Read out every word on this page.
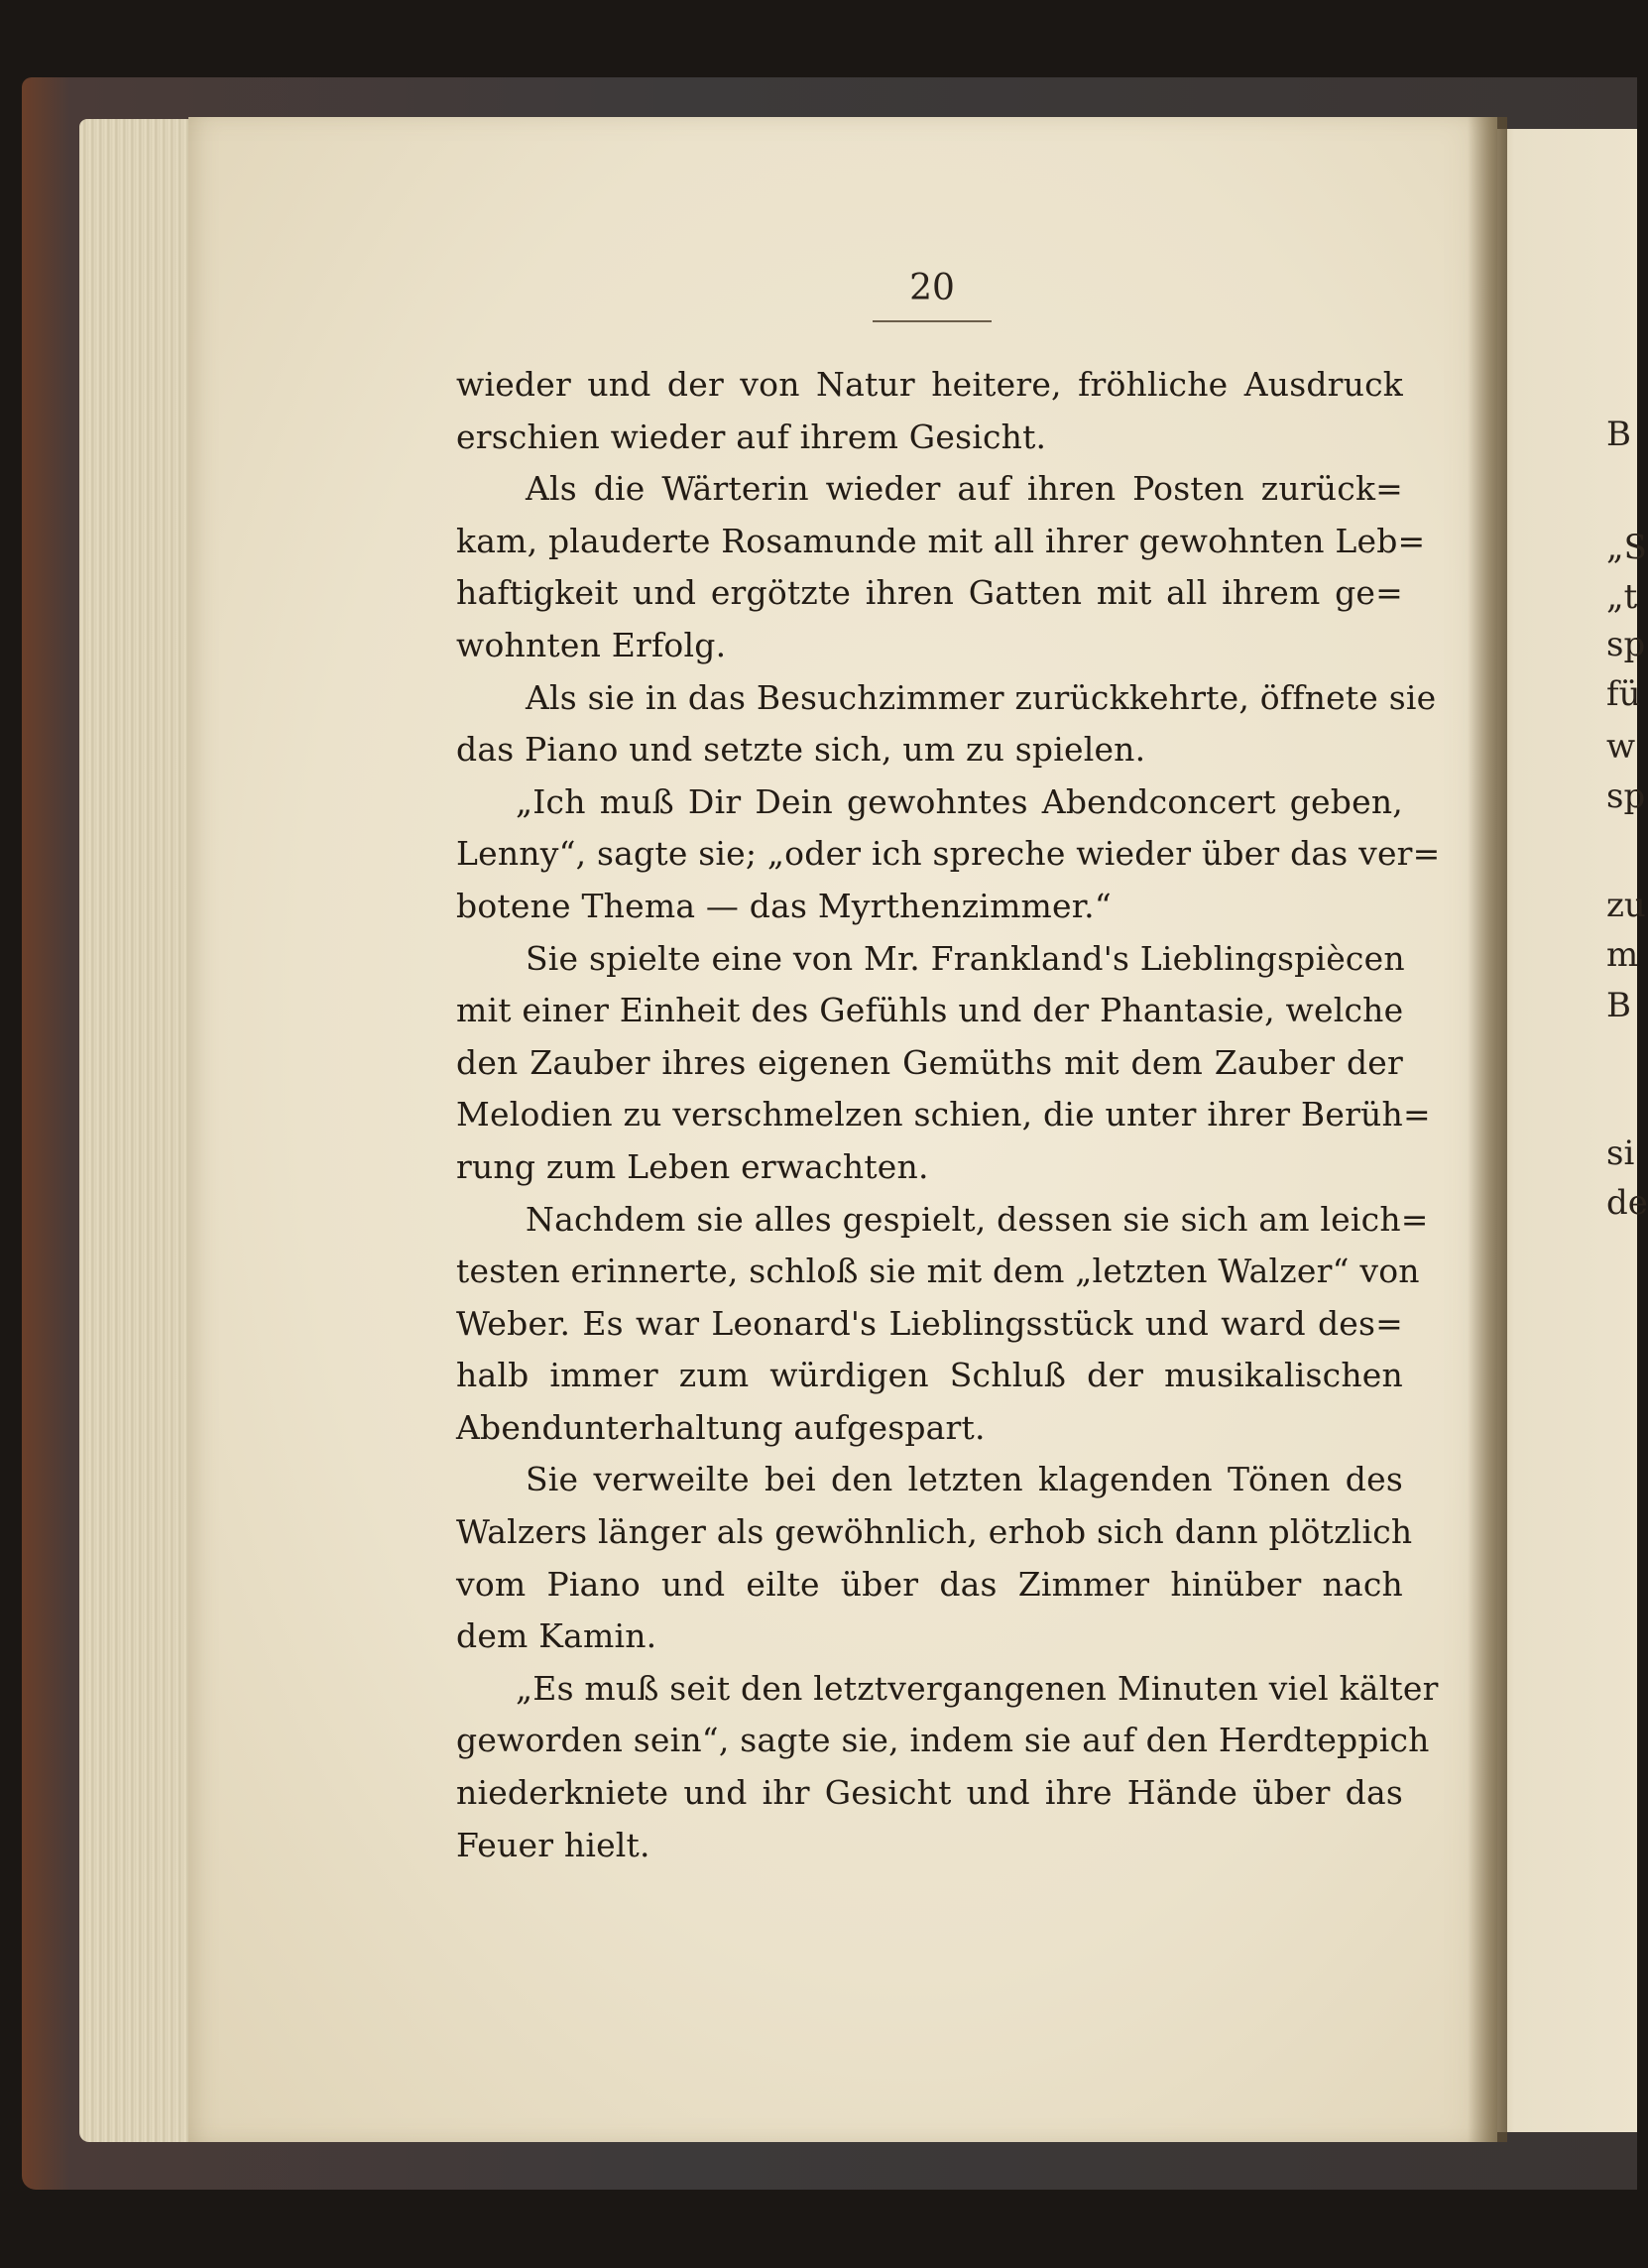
B
„S
„t
sp
fü
w
sp
zu
m
B
si
de
20

wieder und der von Natur heitere, fröhliche Ausdruck
erschien wieder auf ihrem Gesicht.

Als die Wärterin wieder auf ihren Posten zurück=
kam, plauderte Rosamunde mit all ihrer gewohnten Leb=
haftigkeit und ergötzte ihren Gatten mit all ihrem ge=
wohnten Erfolg.

Als sie in das Besuchzimmer zurückkehrte, öffnete sie
das Piano und setzte sich, um zu spielen.

„Ich muß Dir Dein gewohntes Abendconcert geben,
Lenny“, sagte sie; „oder ich spreche wieder über das ver=
botene Thema — das Myrthenzimmer.“

Sie spielte eine von Mr. Frankland's Lieblingspiècen
mit einer Einheit des Gefühls und der Phantasie, welche
den Zauber ihres eigenen Gemüths mit dem Zauber der
Melodien zu verschmelzen schien, die unter ihrer Berüh=
rung zum Leben erwachten.

Nachdem sie alles gespielt, dessen sie sich am leich=
testen erinnerte, schloß sie mit dem „letzten Walzer“ von
Weber. Es war Leonard's Lieblingsstück und ward des=
halb immer zum würdigen Schluß der musikalischen
Abendunterhaltung aufgespart.

Sie verweilte bei den letzten klagenden Tönen des
Walzers länger als gewöhnlich, erhob sich dann plötzlich
vom Piano und eilte über das Zimmer hinüber nach
dem Kamin.

„Es muß seit den letztvergangenen Minuten viel kälter
geworden sein“, sagte sie, indem sie auf den Herdteppich
niederkniete und ihr Gesicht und ihre Hände über das
Feuer hielt.
